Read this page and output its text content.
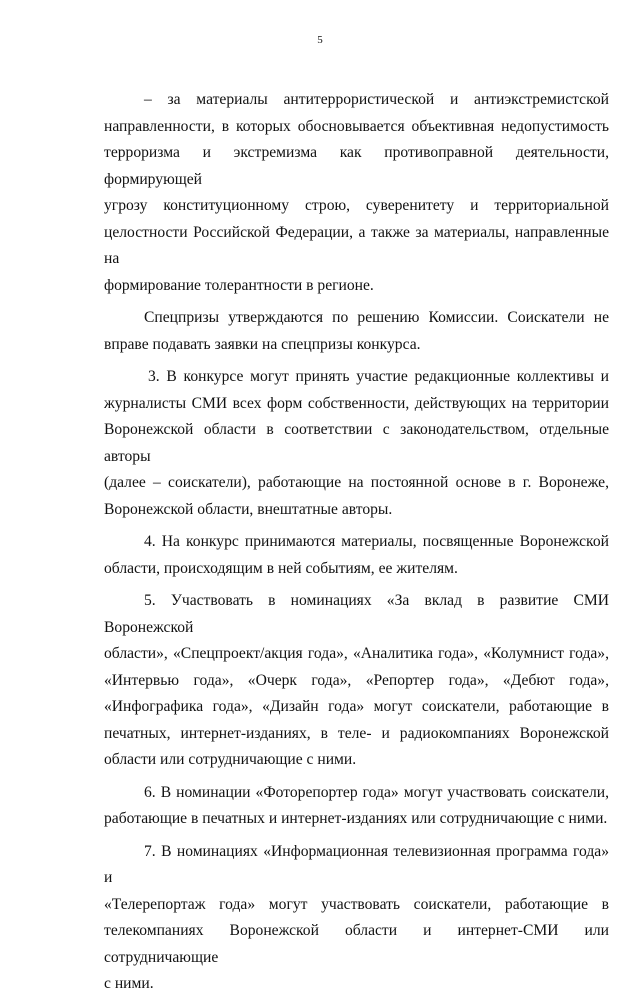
5
– за материалы антитеррористической и антиэкстремистской
направленности, в которых обосновывается объективная недопустимость
терроризма и экстремизма как противоправной деятельности, формирующей
угрозу конституционному строю, суверенитету и территориальной
целостности Российской Федерации, а также за материалы, направленные на
формирование толерантности в регионе.
Спецпризы утверждаются по решению Комиссии. Соискатели не
вправе подавать заявки на спецпризы конкурса.
3. В конкурсе могут принять участие редакционные коллективы и
журналисты СМИ всех форм собственности, действующих на территории
Воронежской области в соответствии с законодательством, отдельные авторы
(далее – соискатели), работающие на постоянной основе в г. Воронеже,
Воронежской области, внештатные авторы.
4. На конкурс принимаются материалы, посвященные Воронежской
области, происходящим в ней событиям, ее жителям.
5. Участвовать в номинациях «За вклад в развитие СМИ Воронежской
области», «Спецпроект/акция года», «Аналитика года», «Колумнист года»,
«Интервью года», «Очерк года», «Репортер года», «Дебют года»,
«Инфографика года», «Дизайн года» могут соискатели, работающие в
печатных, интернет-изданиях, в теле- и радиокомпаниях Воронежской
области или сотрудничающие с ними.
6. В номинации «Фоторепортер года» могут участвовать соискатели,
работающие в печатных и интернет-изданиях или сотрудничающие с ними.
7. В номинациях «Информационная телевизионная программа года» и
«Телерепортаж года» могут участвовать соискатели, работающие в
телекомпаниях Воронежской области и интернет-СМИ или сотрудничающие
с ними.
